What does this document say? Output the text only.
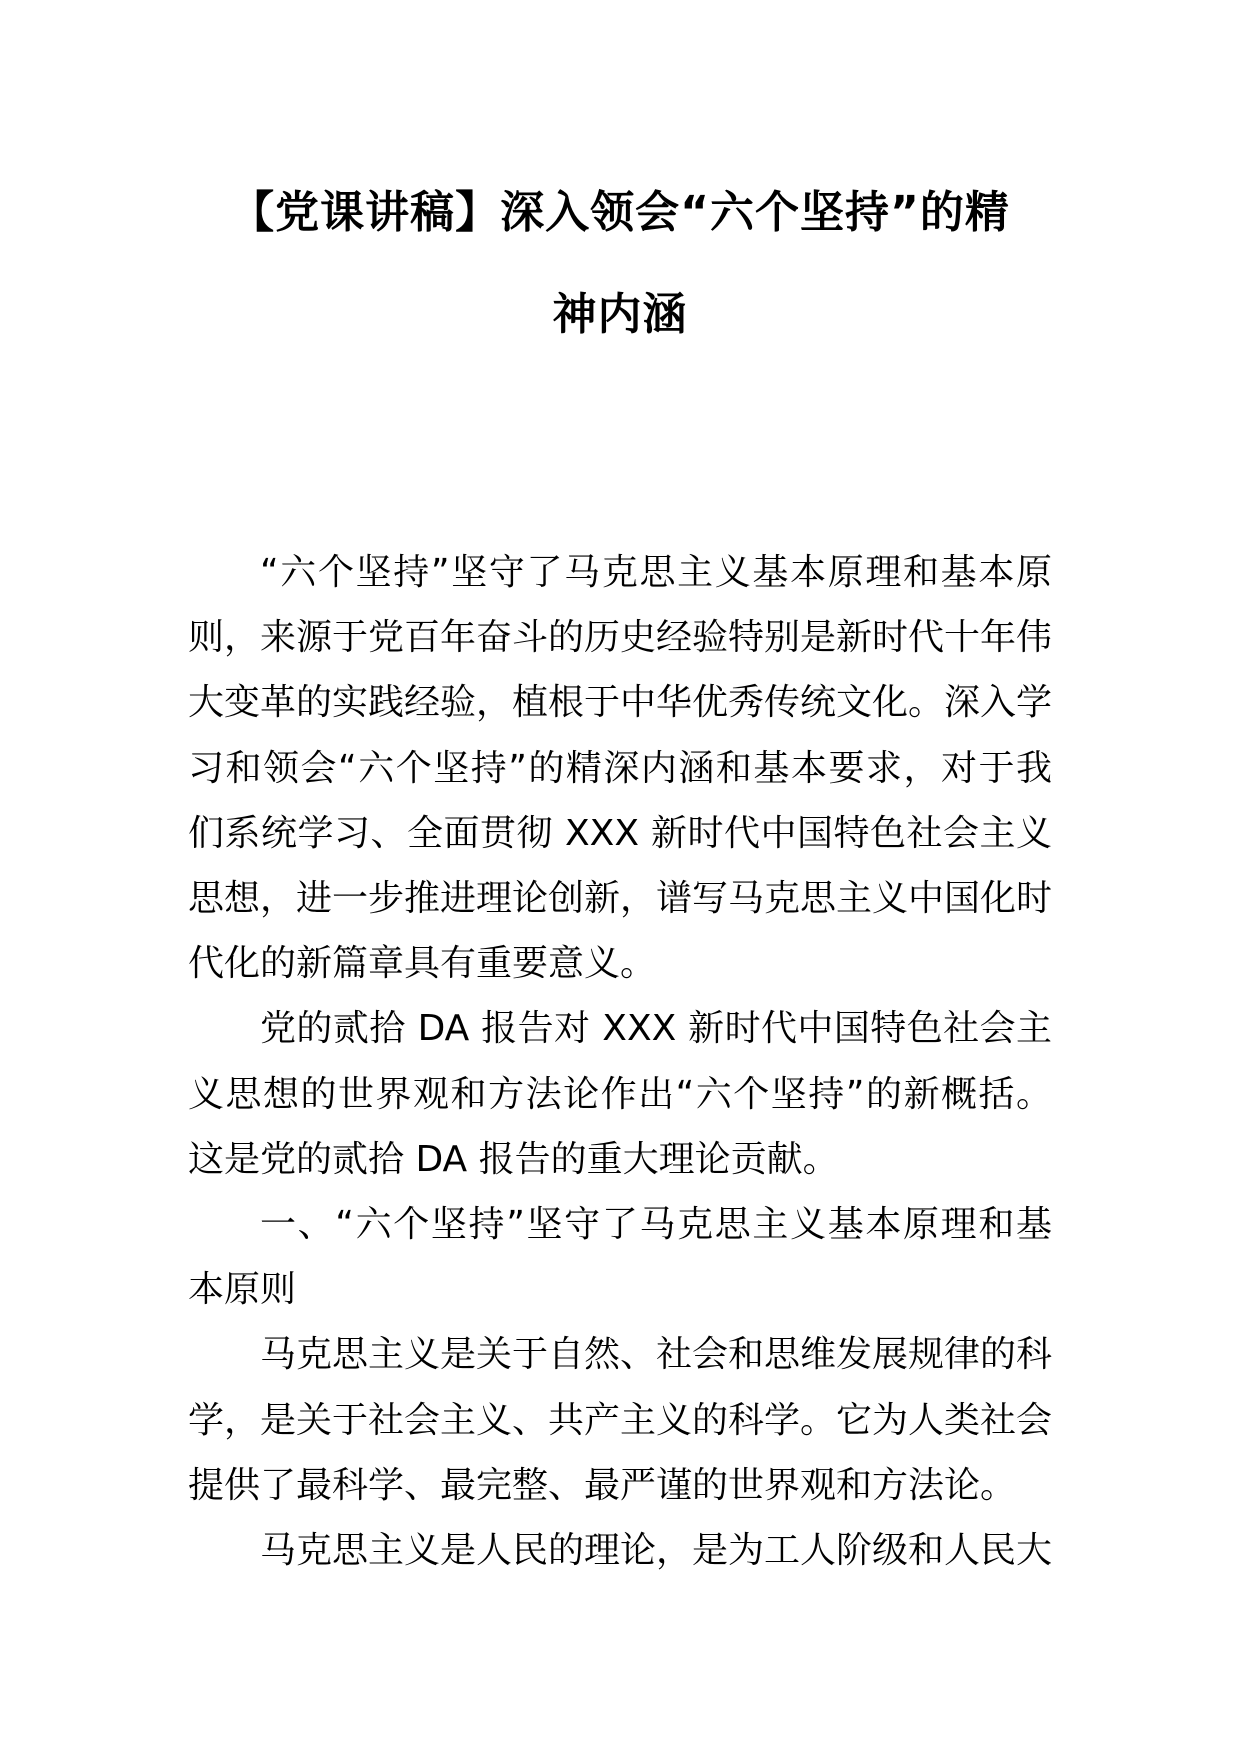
【党课讲稿】深入领会“六个坚持”的精
神内涵

“六个坚持”坚守了马克思主义基本原理和基本原则，来源于党百年奋斗的历史经验特别是新时代十年伟大变革的实践经验，植根于中华优秀传统文化。深入学习和领会“六个坚持”的精深内涵和基本要求，对于我们系统学习、全面贯彻 XXX 新时代中国特色社会主义思想，进一步推进理论创新，谱写马克思主义中国化时代化的新篇章具有重要意义。

党的贰拾 DA 报告对 XXX 新时代中国特色社会主义思想的世界观和方法论作出“六个坚持”的新概括。这是党的贰拾 DA 报告的重大理论贡献。

一、“六个坚持”坚守了马克思主义基本原理和基本原则

马克思主义是关于自然、社会和思维发展规律的科学，是关于社会主义、共产主义的科学。它为人类社会提供了最科学、最完整、最严谨的世界观和方法论。

马克思主义是人民的理论，是为工人阶级和人民大
